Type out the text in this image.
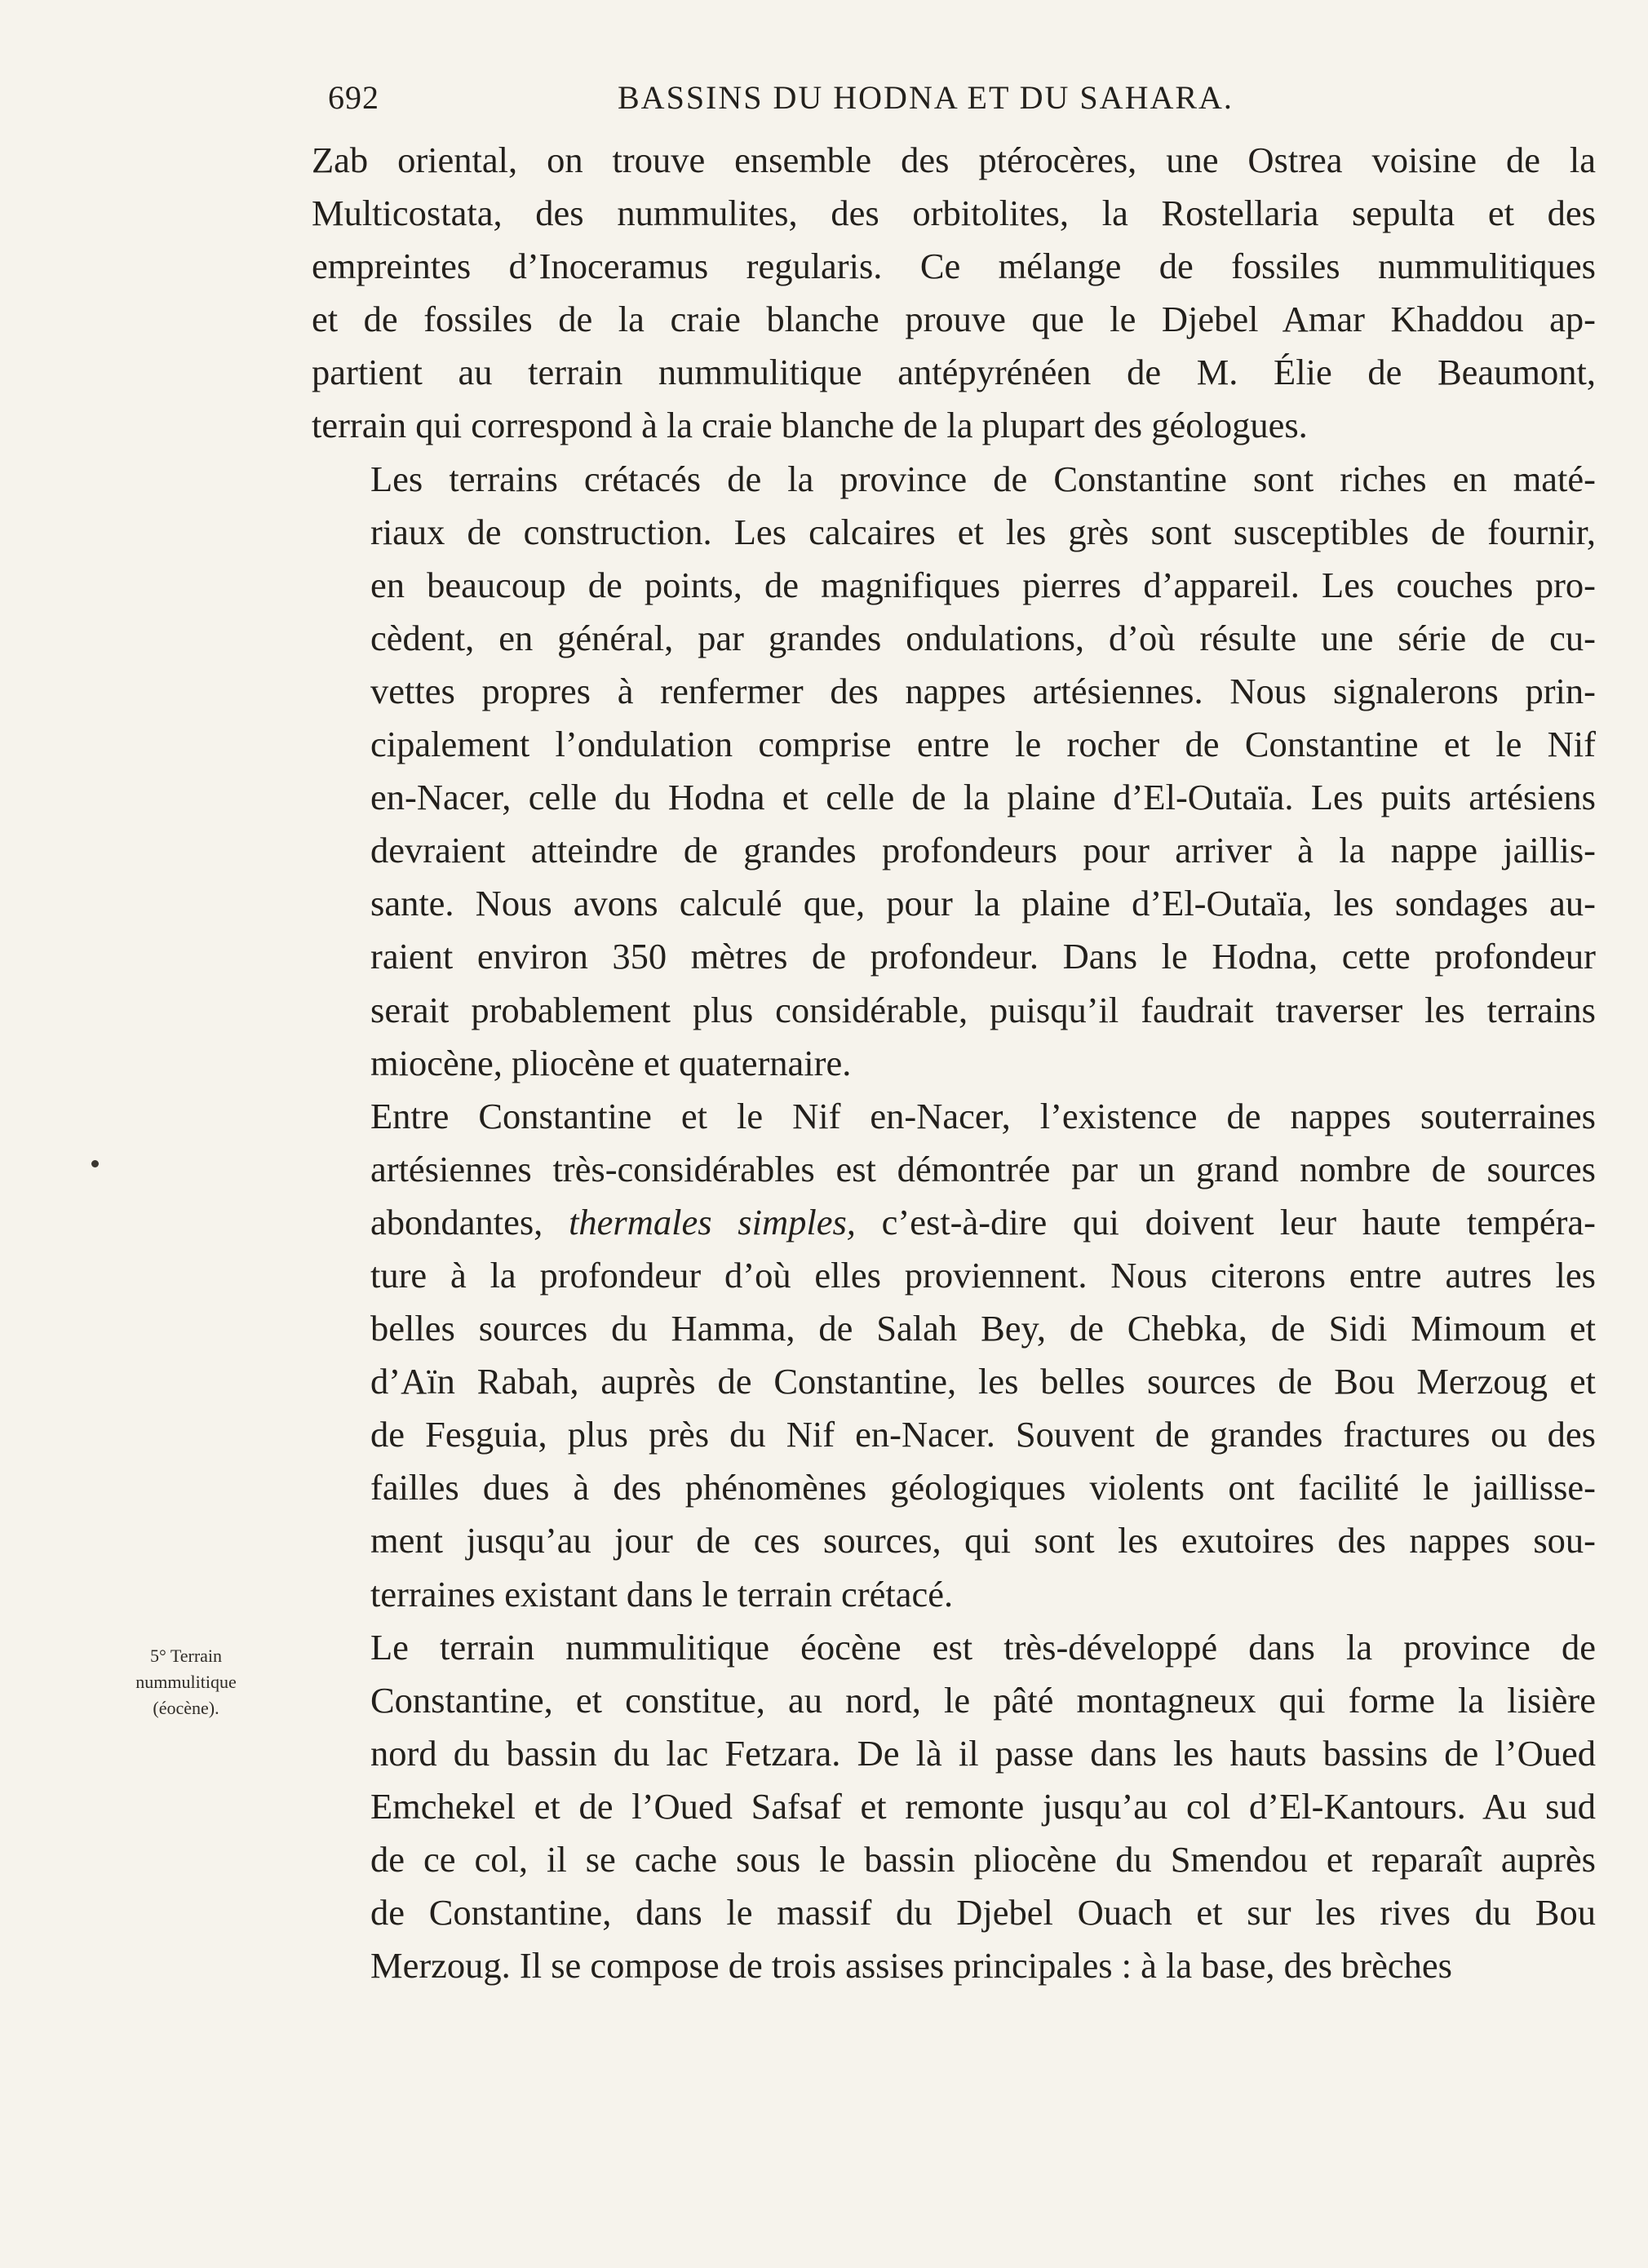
692	BASSINS DU HODNA ET DU SAHARA.
5° Terrain
nummulitique
(éocène).
Zab oriental, on trouve ensemble des ptérocères, une Ostrea voisine de la
Multicostata, des nummulites, des orbitolites, la Rostellaria sepulta et des
empreintes d’Inoceramus regularis. Ce mélange de fossiles nummulitiques
et de fossiles de la craie blanche prouve que le Djebel Amar Khaddou ap-
partient au terrain nummulitique antépyrénéen de M. Élie de Beaumont,
terrain qui correspond à la craie blanche de la plupart des géologues.
Les terrains crétacés de la province de Constantine sont riches en maté-
riaux de construction. Les calcaires et les grès sont susceptibles de fournir,
en beaucoup de points, de magnifiques pierres d’appareil. Les couches pro-
cèdent, en général, par grandes ondulations, d’où résulte une série de cu-
vettes propres à renfermer des nappes artésiennes. Nous signalerons prin-
cipalement l’ondulation comprise entre le rocher de Constantine et le Nif
en-Nacer, celle du Hodna et celle de la plaine d’El-Outaïa. Les puits artésiens
devraient atteindre de grandes profondeurs pour arriver à la nappe jaillis-
sante. Nous avons calculé que, pour la plaine d’El-Outaïa, les sondages au-
raient environ 350 mètres de profondeur. Dans le Hodna, cette profondeur
serait probablement plus considérable, puisqu’il faudrait traverser les terrains
miocène, pliocène et quaternaire.
Entre Constantine et le Nif en-Nacer, l’existence de nappes souterraines
artésiennes très-considérables est démontrée par un grand nombre de sources
abondantes, thermales simples, c’est-à-dire qui doivent leur haute tempéra-
ture à la profondeur d’où elles proviennent. Nous citerons entre autres les
belles sources du Hamma, de Salah Bey, de Chebka, de Sidi Mimoum et
d’Aïn Rabah, auprès de Constantine, les belles sources de Bou Merzoug et
de Fesguia, plus près du Nif en-Nacer. Souvent de grandes fractures ou des
failles dues à des phénomènes géologiques violents ont facilité le jaillisse-
ment jusqu’au jour de ces sources, qui sont les exutoires des nappes sou-
terraines existant dans le terrain crétacé.
Le terrain nummulitique éocène est très-développé dans la province de
Constantine, et constitue, au nord, le pâté montagneux qui forme la lisière
nord du bassin du lac Fetzara. De là il passe dans les hauts bassins de l’Oued
Emchekel et de l’Oued Safsaf et remonte jusqu’au col d’El-Kantours. Au sud
de ce col, il se cache sous le bassin pliocène du Smendou et reparaît auprès
de Constantine, dans le massif du Djebel Ouach et sur les rives du Bou
Merzoug. Il se compose de trois assises principales : à la base, des brèches
